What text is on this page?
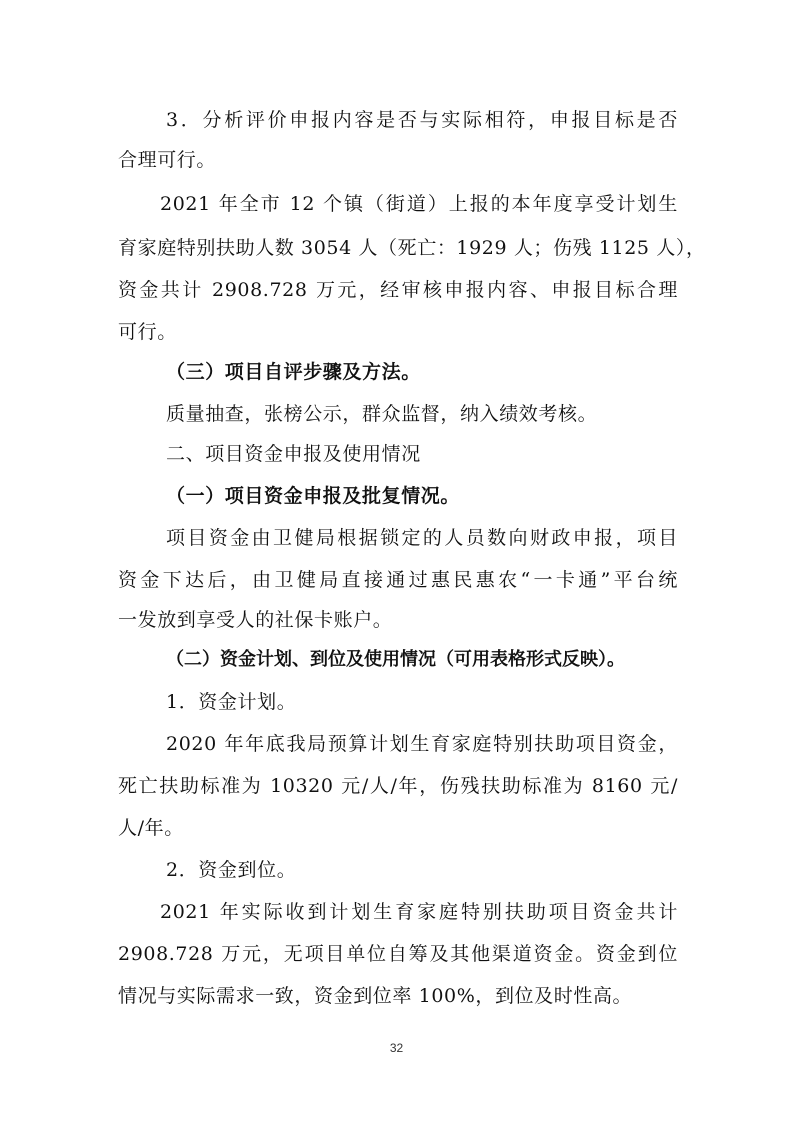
3．分析评价申报内容是否与实际相符，申报目标是否
合理可行。
2021 年全市 12 个镇（街道）上报的本年度享受计划生
育家庭特别扶助人数 3054 人（死亡：1929 人；伤残 1125 人），
资金共计 2908.728 万元，经审核申报内容、申报目标合理
可行。
（三）项目自评步骤及方法。
质量抽查，张榜公示，群众监督，纳入绩效考核。
二、项目资金申报及使用情况
（一）项目资金申报及批复情况。
项目资金由卫健局根据锁定的人员数向财政申报，项目
资金下达后，由卫健局直接通过惠民惠农“一卡通”平台统
一发放到享受人的社保卡账户。
（二）资金计划、到位及使用情况（可用表格形式反映）。
1．资金计划。
2020 年年底我局预算计划生育家庭特别扶助项目资金，
死亡扶助标准为 10320 元/人/年，伤残扶助标准为 8160 元/
人/年。
2．资金到位。
2021 年实际收到计划生育家庭特别扶助项目资金共计
2908.728 万元，无项目单位自筹及其他渠道资金。资金到位
情况与实际需求一致，资金到位率 100%，到位及时性高。
32
